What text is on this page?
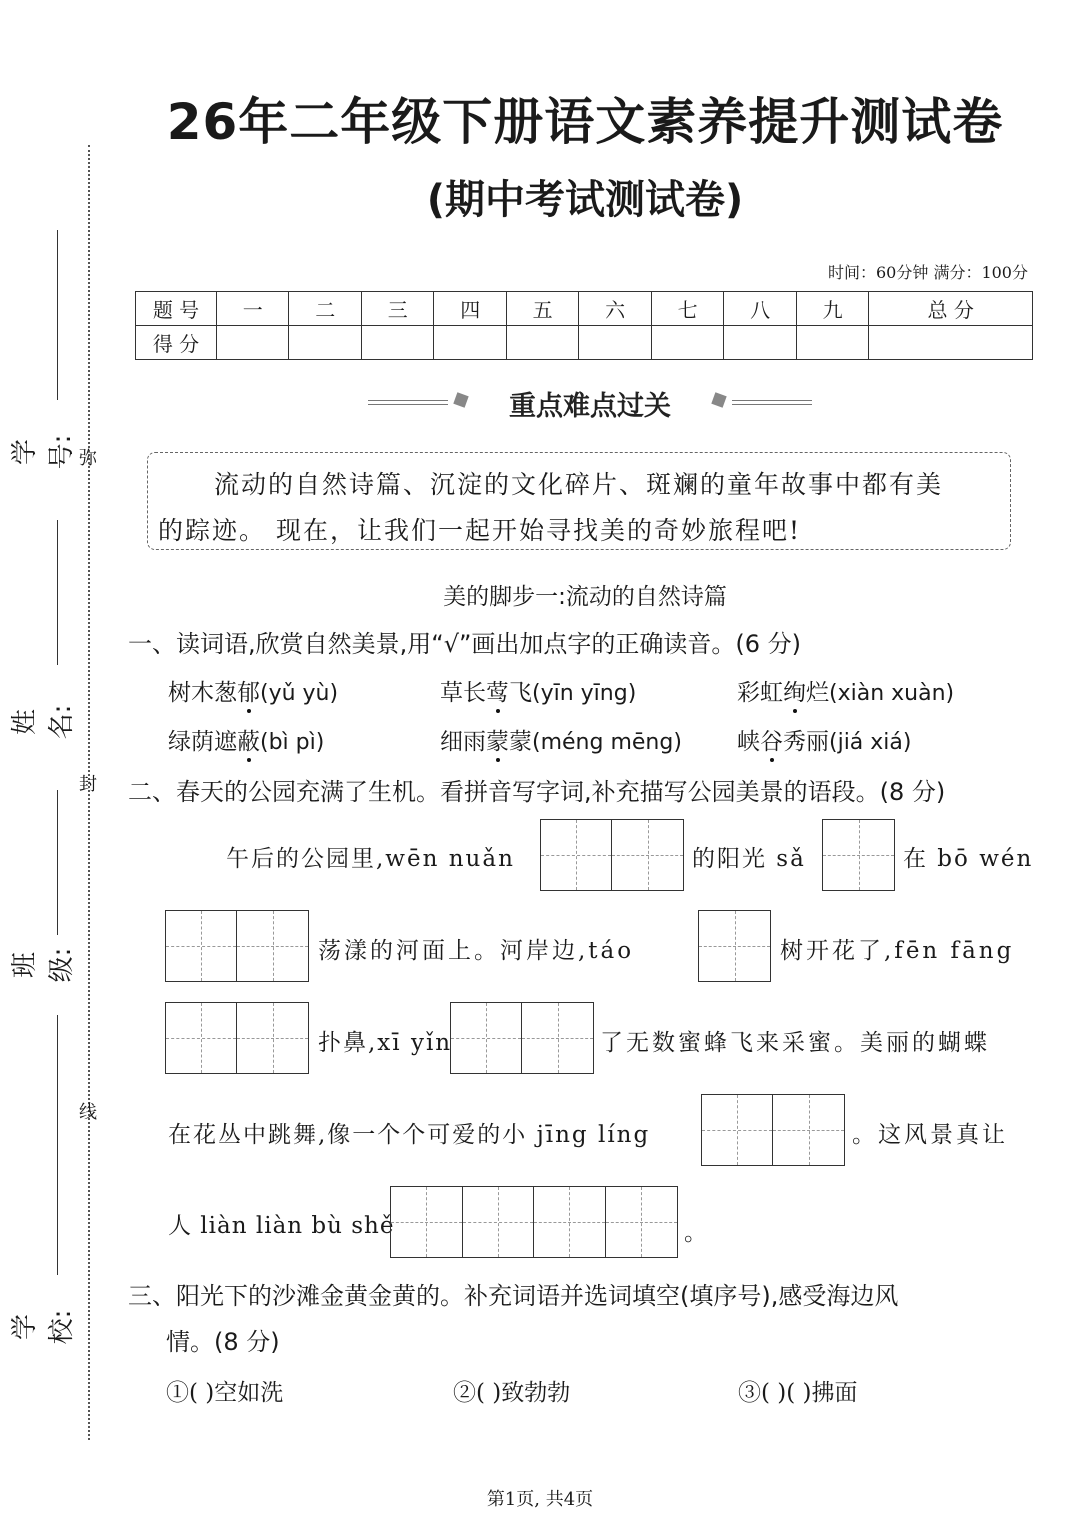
学号:
姓名:
班级:
学校:
弥
封
线
26年二年级下册语文素养提升测试卷
(期中考试测试卷)
时间：60分钟 满分：100分
题 号	一	二	三	四	五	六	七	八	九	总 分
得 分										
重点难点过关
流动的自然诗篇、沉淀的文化碎片、斑斓的童年故事中都有美
的踪迹。 现在，让我们一起开始寻找美的奇妙旅程吧!
美的脚步一:流动的自然诗篇
一、读词语,欣赏自然美景,用“√”画出加点字的正确读音。(6 分)
树木葱郁(yǔ yù)	草长莺飞(yīn yīng)	彩虹绚烂(xiàn xuàn)
绿荫遮蔽(bì pì)	细雨蒙蒙(méng mēng) 峡谷秀丽(jiá xiá)
二、春天的公园充满了生机。看拼音写字词,补充描写公园美景的语段。(8 分)
午后的公园里,wēn nuǎn	的阳光 sǎ	在 bō wén
荡漾的河面上。河岸边,táo	树开花了,fēn fāng
扑鼻,xī yǐn	了无数蜜蜂飞来采蜜。美丽的蝴蝶
在花丛中跳舞,像一个个可爱的小 jīng líng	。这风景真让
人 liàn liàn bù shě	。
三、阳光下的沙滩金黄金黄的。补充词语并选词填空(填序号),感受海边风
情。(8 分)
①( )空如洗	②( )致勃勃	③( )( )拂面
第1页, 共4页
